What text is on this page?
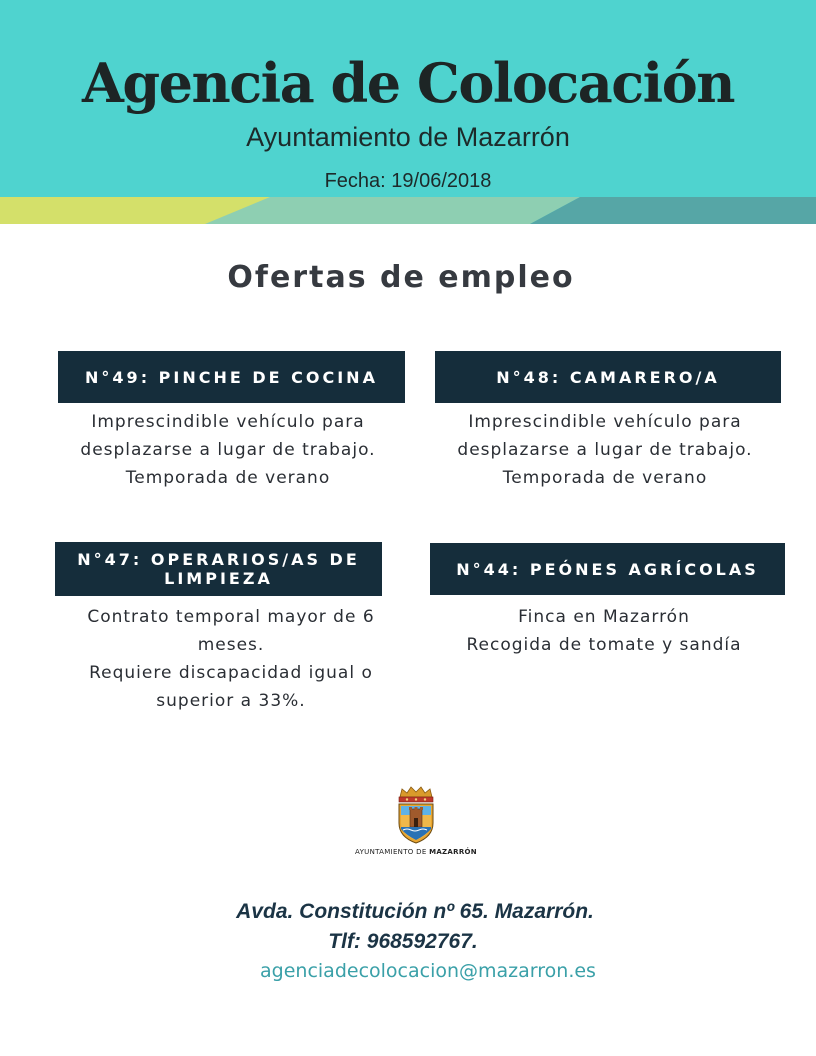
Agencia de Colocación
Ayuntamiento de Mazarrón
Fecha: 19/06/2018
Ofertas de empleo
N°49: PINCHE DE COCINA
Imprescindible vehículo para
desplazarse a lugar de trabajo.
Temporada de verano
N°48: CAMARERO/A
Imprescindible vehículo para
desplazarse a lugar de trabajo.
Temporada de verano
N°47: OPERARIOS/AS DE LIMPIEZA
Contrato temporal mayor de 6
meses.
Requiere discapacidad igual o
superior a 33%.
N°44: PEÓNES AGRÍCOLAS
Finca en Mazarrón
Recogida de tomate y sandía
AYUNTAMIENTO DE MAZARRÓN
Avda. Constitución nº 65. Mazarrón.
Tlf: 968592767.
agenciadecolocacion@mazarron.es
